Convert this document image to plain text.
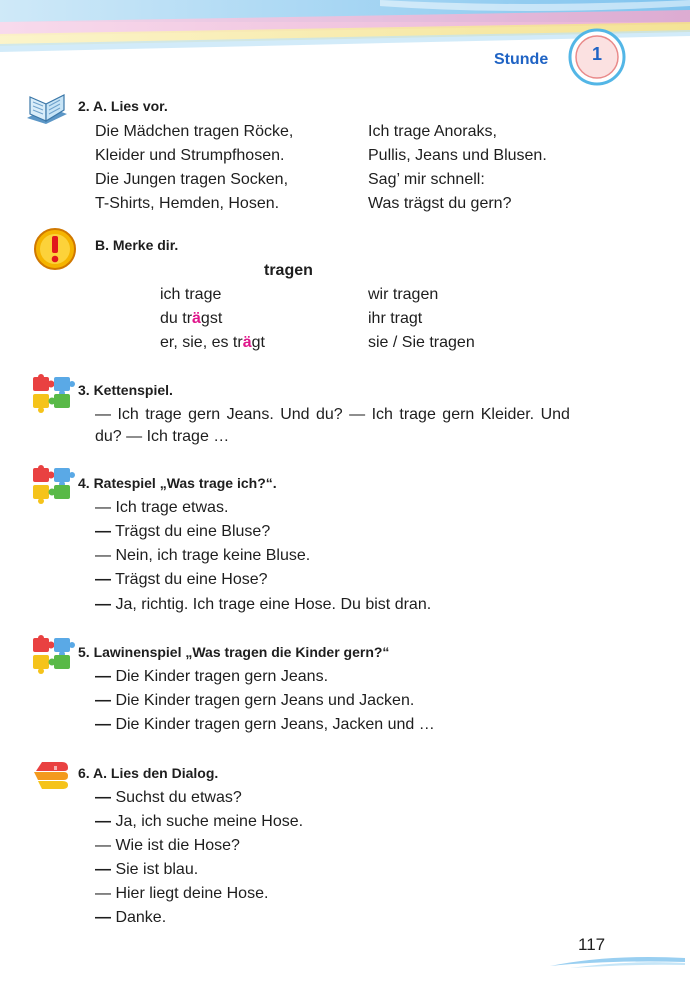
Stunde	1
2. A. Lies vor.
Die Mädchen tragen Röcke,
Kleider und Strumpfhosen.
Die Jungen tragen Socken,
T-Shirts, Hemden, Hosen.
Ich trage Anoraks,
Pullis, Jeans und Blusen.
Sag’ mir schnell:
Was trägst du gern?
B. Merke dir.
tragen
ich trage
du trägst
er, sie, es trägt
wir tragen
ihr tragt
sie / Sie tragen
3. Kettenspiel.
— Ich trage gern Jeans. Und du? — Ich trage gern Kleider. Und
du? — Ich trage …
4. Ratespiel „Was trage ich?“.
— Ich trage etwas.
— Trägst du eine Bluse?
— Nein, ich trage keine Bluse.
— Trägst du eine Hose?
— Ja, richtig. Ich trage eine Hose. Du bist dran.
5. Lawinenspiel „Was tragen die Kinder gern?“
— Die Kinder tragen gern Jeans.
— Die Kinder tragen gern Jeans und Jacken.
— Die Kinder tragen gern Jeans, Jacken und …
6. A. Lies den Dialog.
— Suchst du etwas?
— Ja, ich suche meine Hose.
— Wie ist die Hose?
— Sie ist blau.
— Hier liegt deine Hose.
— Danke.
117
